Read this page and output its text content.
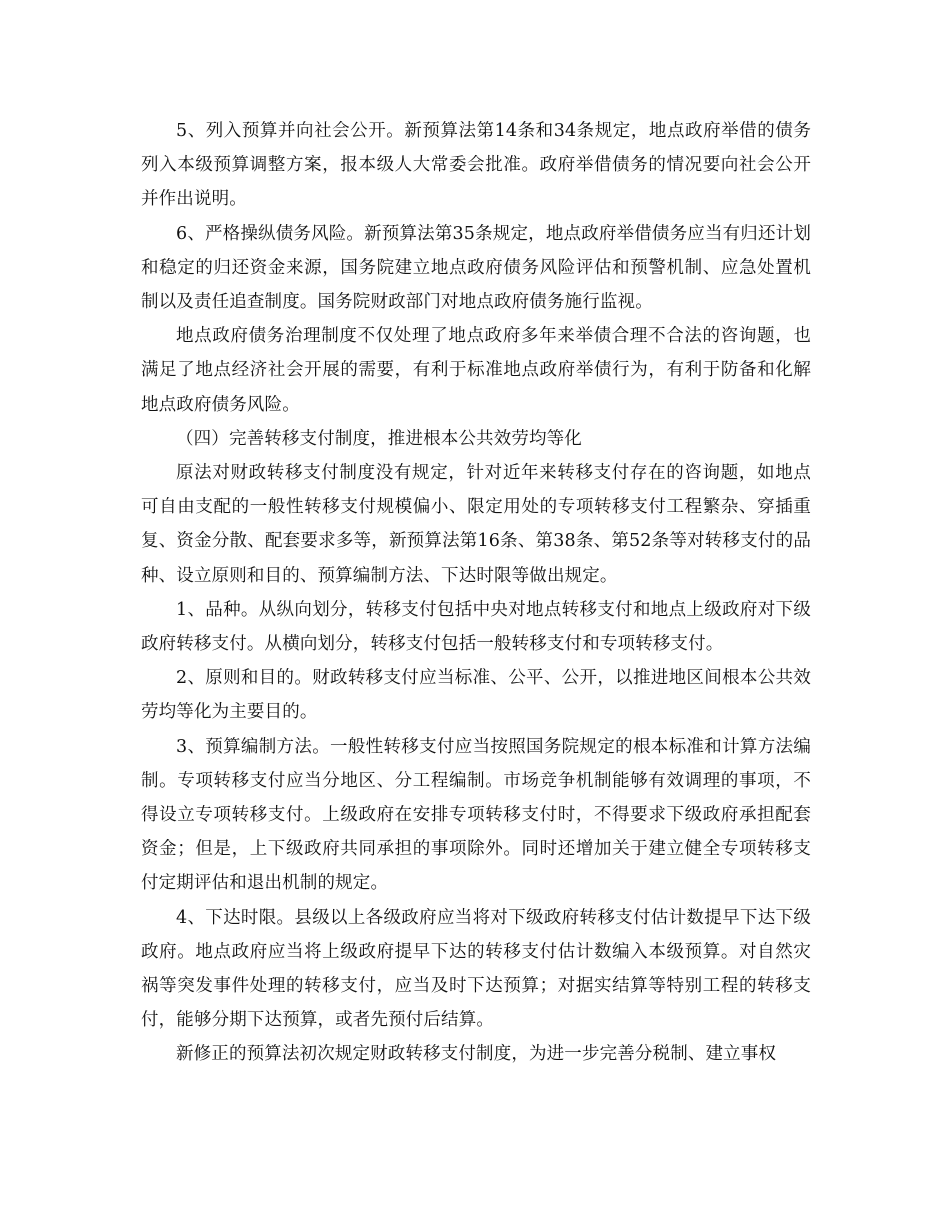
5、列入预算并向社会公开。新预算法第14条和34条规定，地点政府举借的债务列入本级预算调整方案，报本级人大常委会批准。政府举借债务的情况要向社会公开并作出说明。

6、严格操纵债务风险。新预算法第35条规定，地点政府举借债务应当有归还计划和稳定的归还资金来源，国务院建立地点政府债务风险评估和预警机制、应急处置机制以及责任追查制度。国务院财政部门对地点政府债务施行监视。

地点政府债务治理制度不仅处理了地点政府多年来举债合理不合法的咨询题，也满足了地点经济社会开展的需要，有利于标准地点政府举债行为，有利于防备和化解地点政府债务风险。

（四）完善转移支付制度，推进根本公共效劳均等化

原法对财政转移支付制度没有规定，针对近年来转移支付存在的咨询题，如地点可自由支配的一般性转移支付规模偏小、限定用处的专项转移支付工程繁杂、穿插重复、资金分散、配套要求多等，新预算法第16条、第38条、第52条等对转移支付的品种、设立原则和目的、预算编制方法、下达时限等做出规定。

1、品种。从纵向划分，转移支付包括中央对地点转移支付和地点上级政府对下级政府转移支付。从横向划分，转移支付包括一般转移支付和专项转移支付。

2、原则和目的。财政转移支付应当标准、公平、公开，以推进地区间根本公共效劳均等化为主要目的。

3、预算编制方法。一般性转移支付应当按照国务院规定的根本标准和计算方法编制。专项转移支付应当分地区、分工程编制。市场竞争机制能够有效调理的事项，不得设立专项转移支付。上级政府在安排专项转移支付时，不得要求下级政府承担配套资金；但是，上下级政府共同承担的事项除外。同时还增加关于建立健全专项转移支付定期评估和退出机制的规定。

4、下达时限。县级以上各级政府应当将对下级政府转移支付估计数提早下达下级政府。地点政府应当将上级政府提早下达的转移支付估计数编入本级预算。对自然灾祸等突发事件处理的转移支付，应当及时下达预算；对据实结算等特别工程的转移支付，能够分期下达预算，或者先预付后结算。

新修正的预算法初次规定财政转移支付制度，为进一步完善分税制、建立事权
